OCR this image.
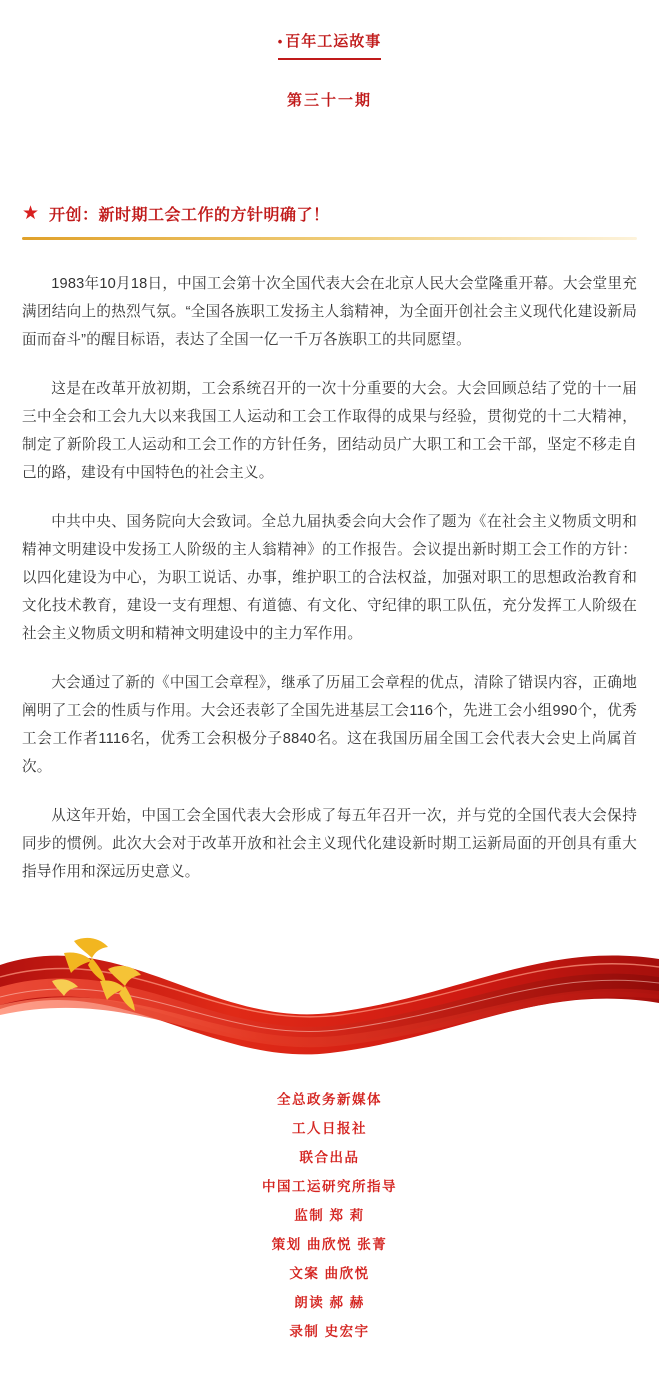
• 百年工运故事
第三十一期
★ 开创：新时期工会工作的方针明确了！

1983年10月18日，中国工会第十次全国代表大会在北京人民大会堂隆重开幕。大会堂里充满团结向上的热烈气氛。“全国各族职工发扬主人翁精神，为全面开创社会主义现代化建设新局面而奋斗”的醒目标语，表达了全国一亿一千万各族职工的共同愿望。

这是在改革开放初期，工会系统召开的一次十分重要的大会。大会回顾总结了党的十一届三中全会和工会九大以来我国工人运动和工会工作取得的成果与经验，贯彻党的十二大精神，制定了新阶段工人运动和工会工作的方针任务，团结动员广大职工和工会干部，坚定不移走自己的路，建设有中国特色的社会主义。

中共中央、国务院向大会致词。全总九届执委会向大会作了题为《在社会主义物质文明和精神文明建设中发扬工人阶级的主人翁精神》的工作报告。会议提出新时期工会工作的方针：以四化建设为中心，为职工说话、办事，维护职工的合法权益，加强对职工的思想政治教育和文化技术教育，建设一支有理想、有道德、有文化、守纪律的职工队伍，充分发挥工人阶级在社会主义物质文明和精神文明建设中的主力军作用。

大会通过了新的《中国工会章程》，继承了历届工会章程的优点，清除了错误内容，正确地阐明了工会的性质与作用。大会还表彰了全国先进基层工会116个，先进工会小组990个，优秀工会工作者1116名，优秀工会积极分子8840名。这在我国历届全国工会代表大会史上尚属首次。

从这年开始，中国工会全国代表大会形成了每五年召开一次，并与党的全国代表大会保持同步的惯例。此次大会对于改革开放和社会主义现代化建设新时期工运新局面的开创具有重大指导作用和深远历史意义。

全总政务新媒体
工人日报社
联合出品
中国工运研究所指导
监制 郑 莉
策划 曲欣悦 张菁
文案 曲欣悦
朗读 郝 赫
录制 史宏宇
